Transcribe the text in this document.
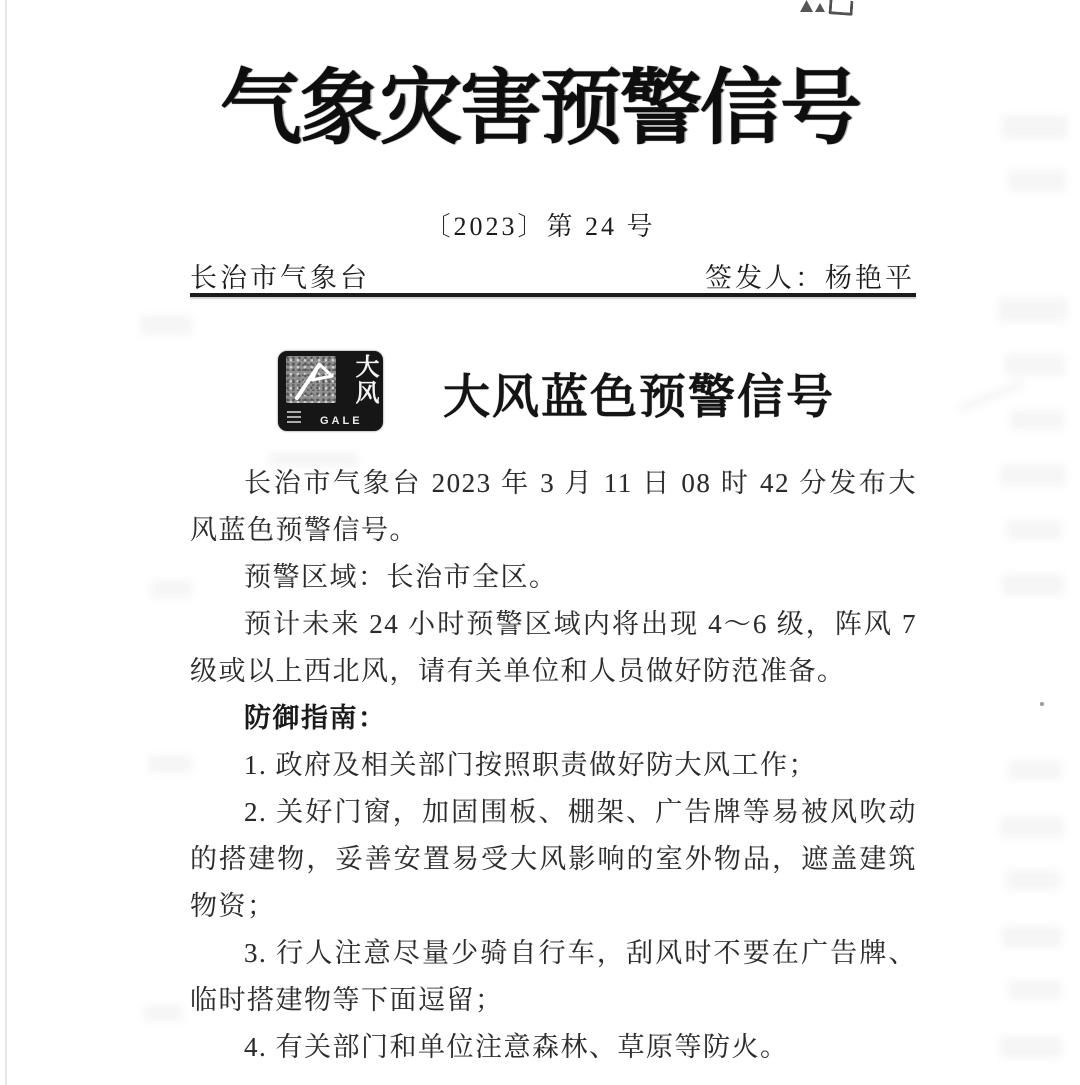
气象灾害预警信号
〔2023〕第 24 号
长治市气象台	签发人：杨艳平
大风
GALE 大风蓝色预警信号

长治市气象台 2023 年 3 月 11 日 08 时 42 分发布大风蓝色预警信号。

预警区域：长治市全区。

预计未来 24 小时预警区域内将出现 4～6 级，阵风 7 级或以上西北风，请有关单位和人员做好防范准备。

防御指南：

1. 政府及相关部门按照职责做好防大风工作；

2. 关好门窗，加固围板、棚架、广告牌等易被风吹动的搭建物，妥善安置易受大风影响的室外物品，遮盖建筑物资；

3. 行人注意尽量少骑自行车，刮风时不要在广告牌、临时搭建物等下面逗留；

4. 有关部门和单位注意森林、草原等防火。
